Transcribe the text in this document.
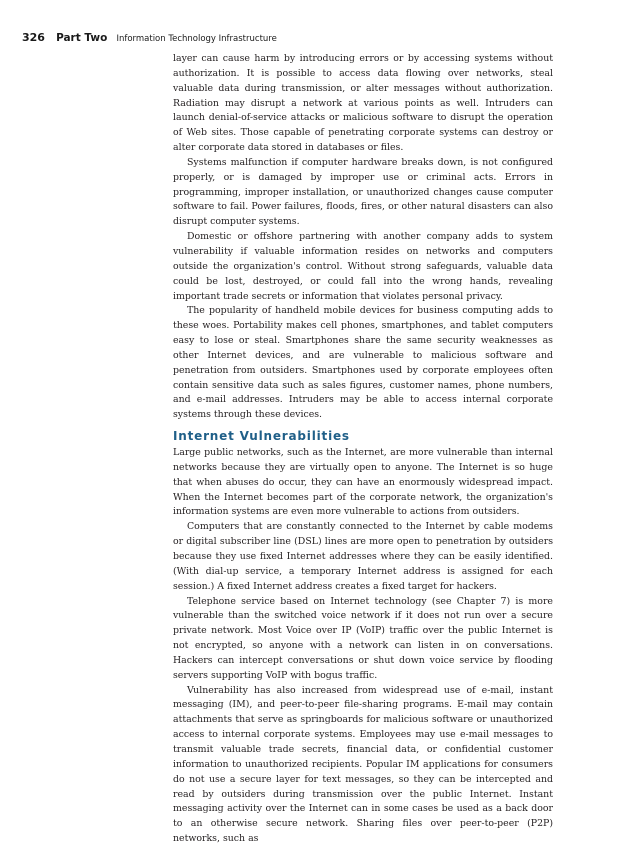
326 Part Two Information Technology Infrastructure

layer can cause harm by introducing errors or by accessing systems without authorization. It is possible to access data flowing over networks, steal valuable data during transmission, or alter messages without authorization. Radiation may disrupt a network at various points as well. Intruders can launch denial-of-service attacks or malicious software to disrupt the operation of Web sites. Those capable of penetrating corporate systems can destroy or alter corporate data stored in databases or files.

Systems malfunction if computer hardware breaks down, is not configured properly, or is damaged by improper use or criminal acts. Errors in programming, improper installation, or unauthorized changes cause computer software to fail. Power failures, floods, fires, or other natural disasters can also disrupt computer systems.

Domestic or offshore partnering with another company adds to system vulnerability if valuable information resides on networks and computers outside the organization's control. Without strong safeguards, valuable data could be lost, destroyed, or could fall into the wrong hands, revealing important trade secrets or information that violates personal privacy.

The popularity of handheld mobile devices for business computing adds to these woes. Portability makes cell phones, smartphones, and tablet computers easy to lose or steal. Smartphones share the same security weaknesses as other Internet devices, and are vulnerable to malicious software and penetration from outsiders. Smartphones used by corporate employees often contain sensitive data such as sales figures, customer names, phone numbers, and e-mail addresses. Intruders may be able to access internal corporate systems through these devices.

Internet Vulnerabilities

Large public networks, such as the Internet, are more vulnerable than internal networks because they are virtually open to anyone. The Internet is so huge that when abuses do occur, they can have an enormously widespread impact. When the Internet becomes part of the corporate network, the organization's information systems are even more vulnerable to actions from outsiders.

Computers that are constantly connected to the Internet by cable modems or digital subscriber line (DSL) lines are more open to penetration by outsiders because they use fixed Internet addresses where they can be easily identified. (With dial-up service, a temporary Internet address is assigned for each session.) A fixed Internet address creates a fixed target for hackers.

Telephone service based on Internet technology (see Chapter 7) is more vulnerable than the switched voice network if it does not run over a secure private network. Most Voice over IP (VoIP) traffic over the public Internet is not encrypted, so anyone with a network can listen in on conversations. Hackers can intercept conversations or shut down voice service by flooding servers supporting VoIP with bogus traffic.

Vulnerability has also increased from widespread use of e-mail, instant messaging (IM), and peer-to-peer file-sharing programs. E-mail may contain attachments that serve as springboards for malicious software or unauthorized access to internal corporate systems. Employees may use e-mail messages to transmit valuable trade secrets, financial data, or confidential customer information to unauthorized recipients. Popular IM applications for consumers do not use a secure layer for text messages, so they can be intercepted and read by outsiders during transmission over the public Internet. Instant messaging activity over the Internet can in some cases be used as a back door to an otherwise secure network. Sharing files over peer-to-peer (P2P) networks, such as
